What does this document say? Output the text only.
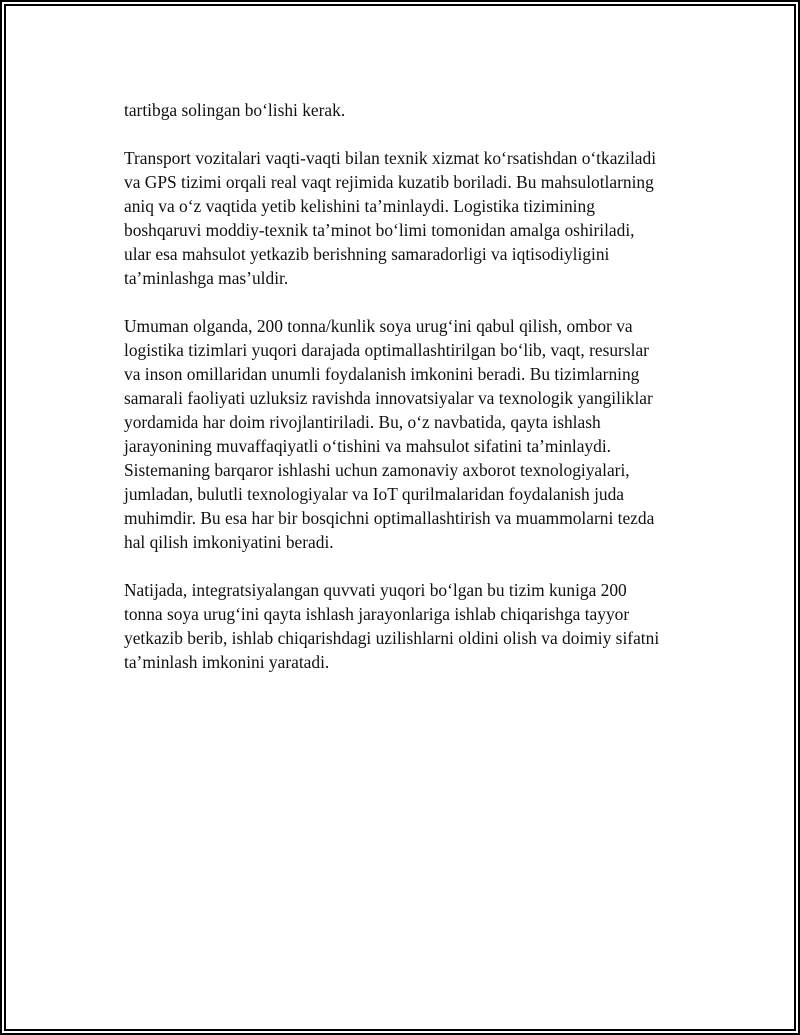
tartibga solingan bo‘lishi kerak.

Transport vozitalari vaqti-vaqti bilan texnik xizmat ko‘rsatishdan o‘tkaziladi
va GPS tizimi orqali real vaqt rejimida kuzatib boriladi. Bu mahsulotlarning
aniq va o‘z vaqtida yetib kelishini ta’minlaydi. Logistika tizimining
boshqaruvi moddiy-texnik ta’minot bo‘limi tomonidan amalga oshiriladi,
ular esa mahsulot yetkazib berishning samaradorligi va iqtisodiyligini
ta’minlashga mas’uldir.

Umuman olganda, 200 tonna/kunlik soya urug‘ini qabul qilish, ombor va
logistika tizimlari yuqori darajada optimallashtirilgan bo‘lib, vaqt, resurslar
va inson omillaridan unumli foydalanish imkonini beradi. Bu tizimlarning
samarali faoliyati uzluksiz ravishda innovatsiyalar va texnologik yangiliklar
yordamida har doim rivojlantiriladi. Bu, o‘z navbatida, qayta ishlash
jarayonining muvaffaqiyatli o‘tishini va mahsulot sifatini ta’minlaydi.
Sistemaning barqaror ishlashi uchun zamonaviy axborot texnologiyalari,
jumladan, bulutli texnologiyalar va IoT qurilmalaridan foydalanish juda
muhimdir. Bu esa har bir bosqichni optimallashtirish va muammolarni tezda
hal qilish imkoniyatini beradi.

Natijada, integratsiyalangan quvvati yuqori bo‘lgan bu tizim kuniga 200
tonna soya urug‘ini qayta ishlash jarayonlariga ishlab chiqarishga tayyor
yetkazib berib, ishlab chiqarishdagi uzilishlarni oldini olish va doimiy sifatni
ta’minlash imkonini yaratadi.
